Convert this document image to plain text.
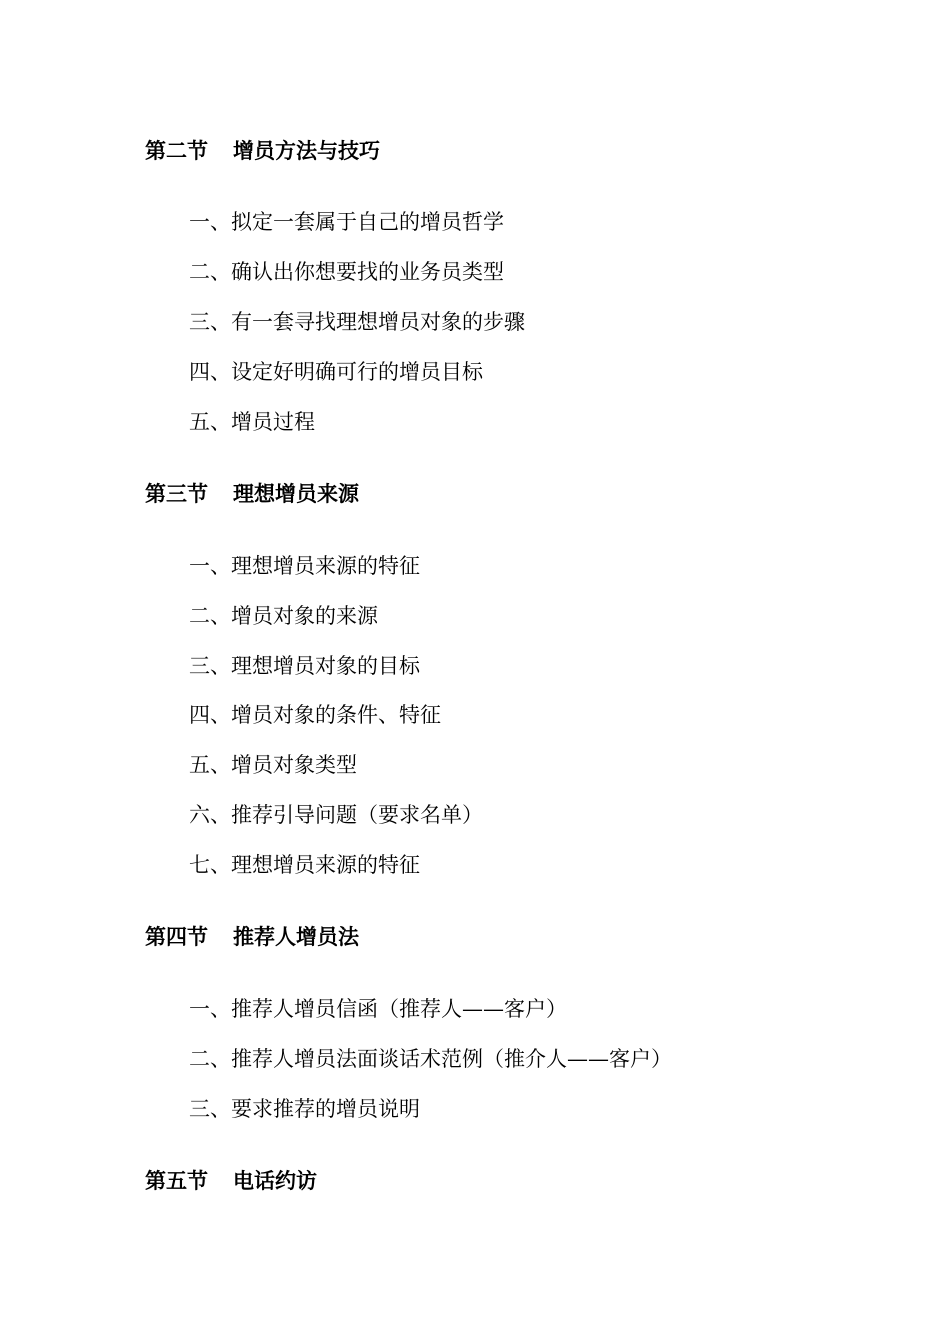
第二节 增员方法与技巧
一、拟定一套属于自己的增员哲学
二、确认出你想要找的业务员类型
三、有一套寻找理想增员对象的步骤
四、设定好明确可行的增员目标
五、增员过程
第三节 理想增员来源
一、理想增员来源的特征
二、增员对象的来源
三、理想增员对象的目标
四、增员对象的条件、特征
五、增员对象类型
六、推荐引导问题（要求名单）
七、理想增员来源的特征
第四节 推荐人增员法
一、推荐人增员信函（推荐人——客户）
二、推荐人增员法面谈话术范例（推介人——客户）
三、要求推荐的增员说明
第五节 电话约访
